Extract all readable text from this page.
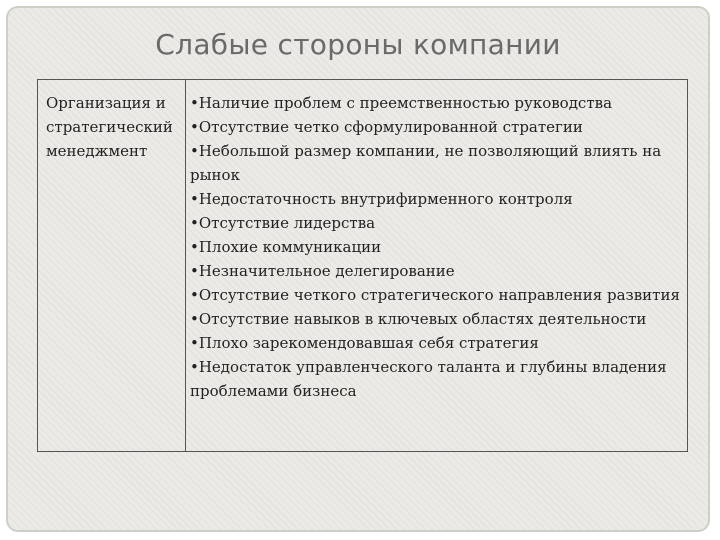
Слабые стороны компании
Организация и
стратегический
менеджмент

•Наличие проблем с преемственностью руководства

•Отсутствие четко сформулированной стратегии

•Небольшой размер компании, не позволяющий влиять на рынок

•Недостаточность внутрифирменного контроля

•Отсутствие лидерства

•Плохие коммуникации

•Незначительное делегирование

•Отсутствие четкого стратегического направления развития

•Отсутствие навыков в ключевых областях деятельности

•Плохо зарекомендовавшая себя стратегия

•Недостаток управленческого таланта и глубины владения проблемами бизнеса
